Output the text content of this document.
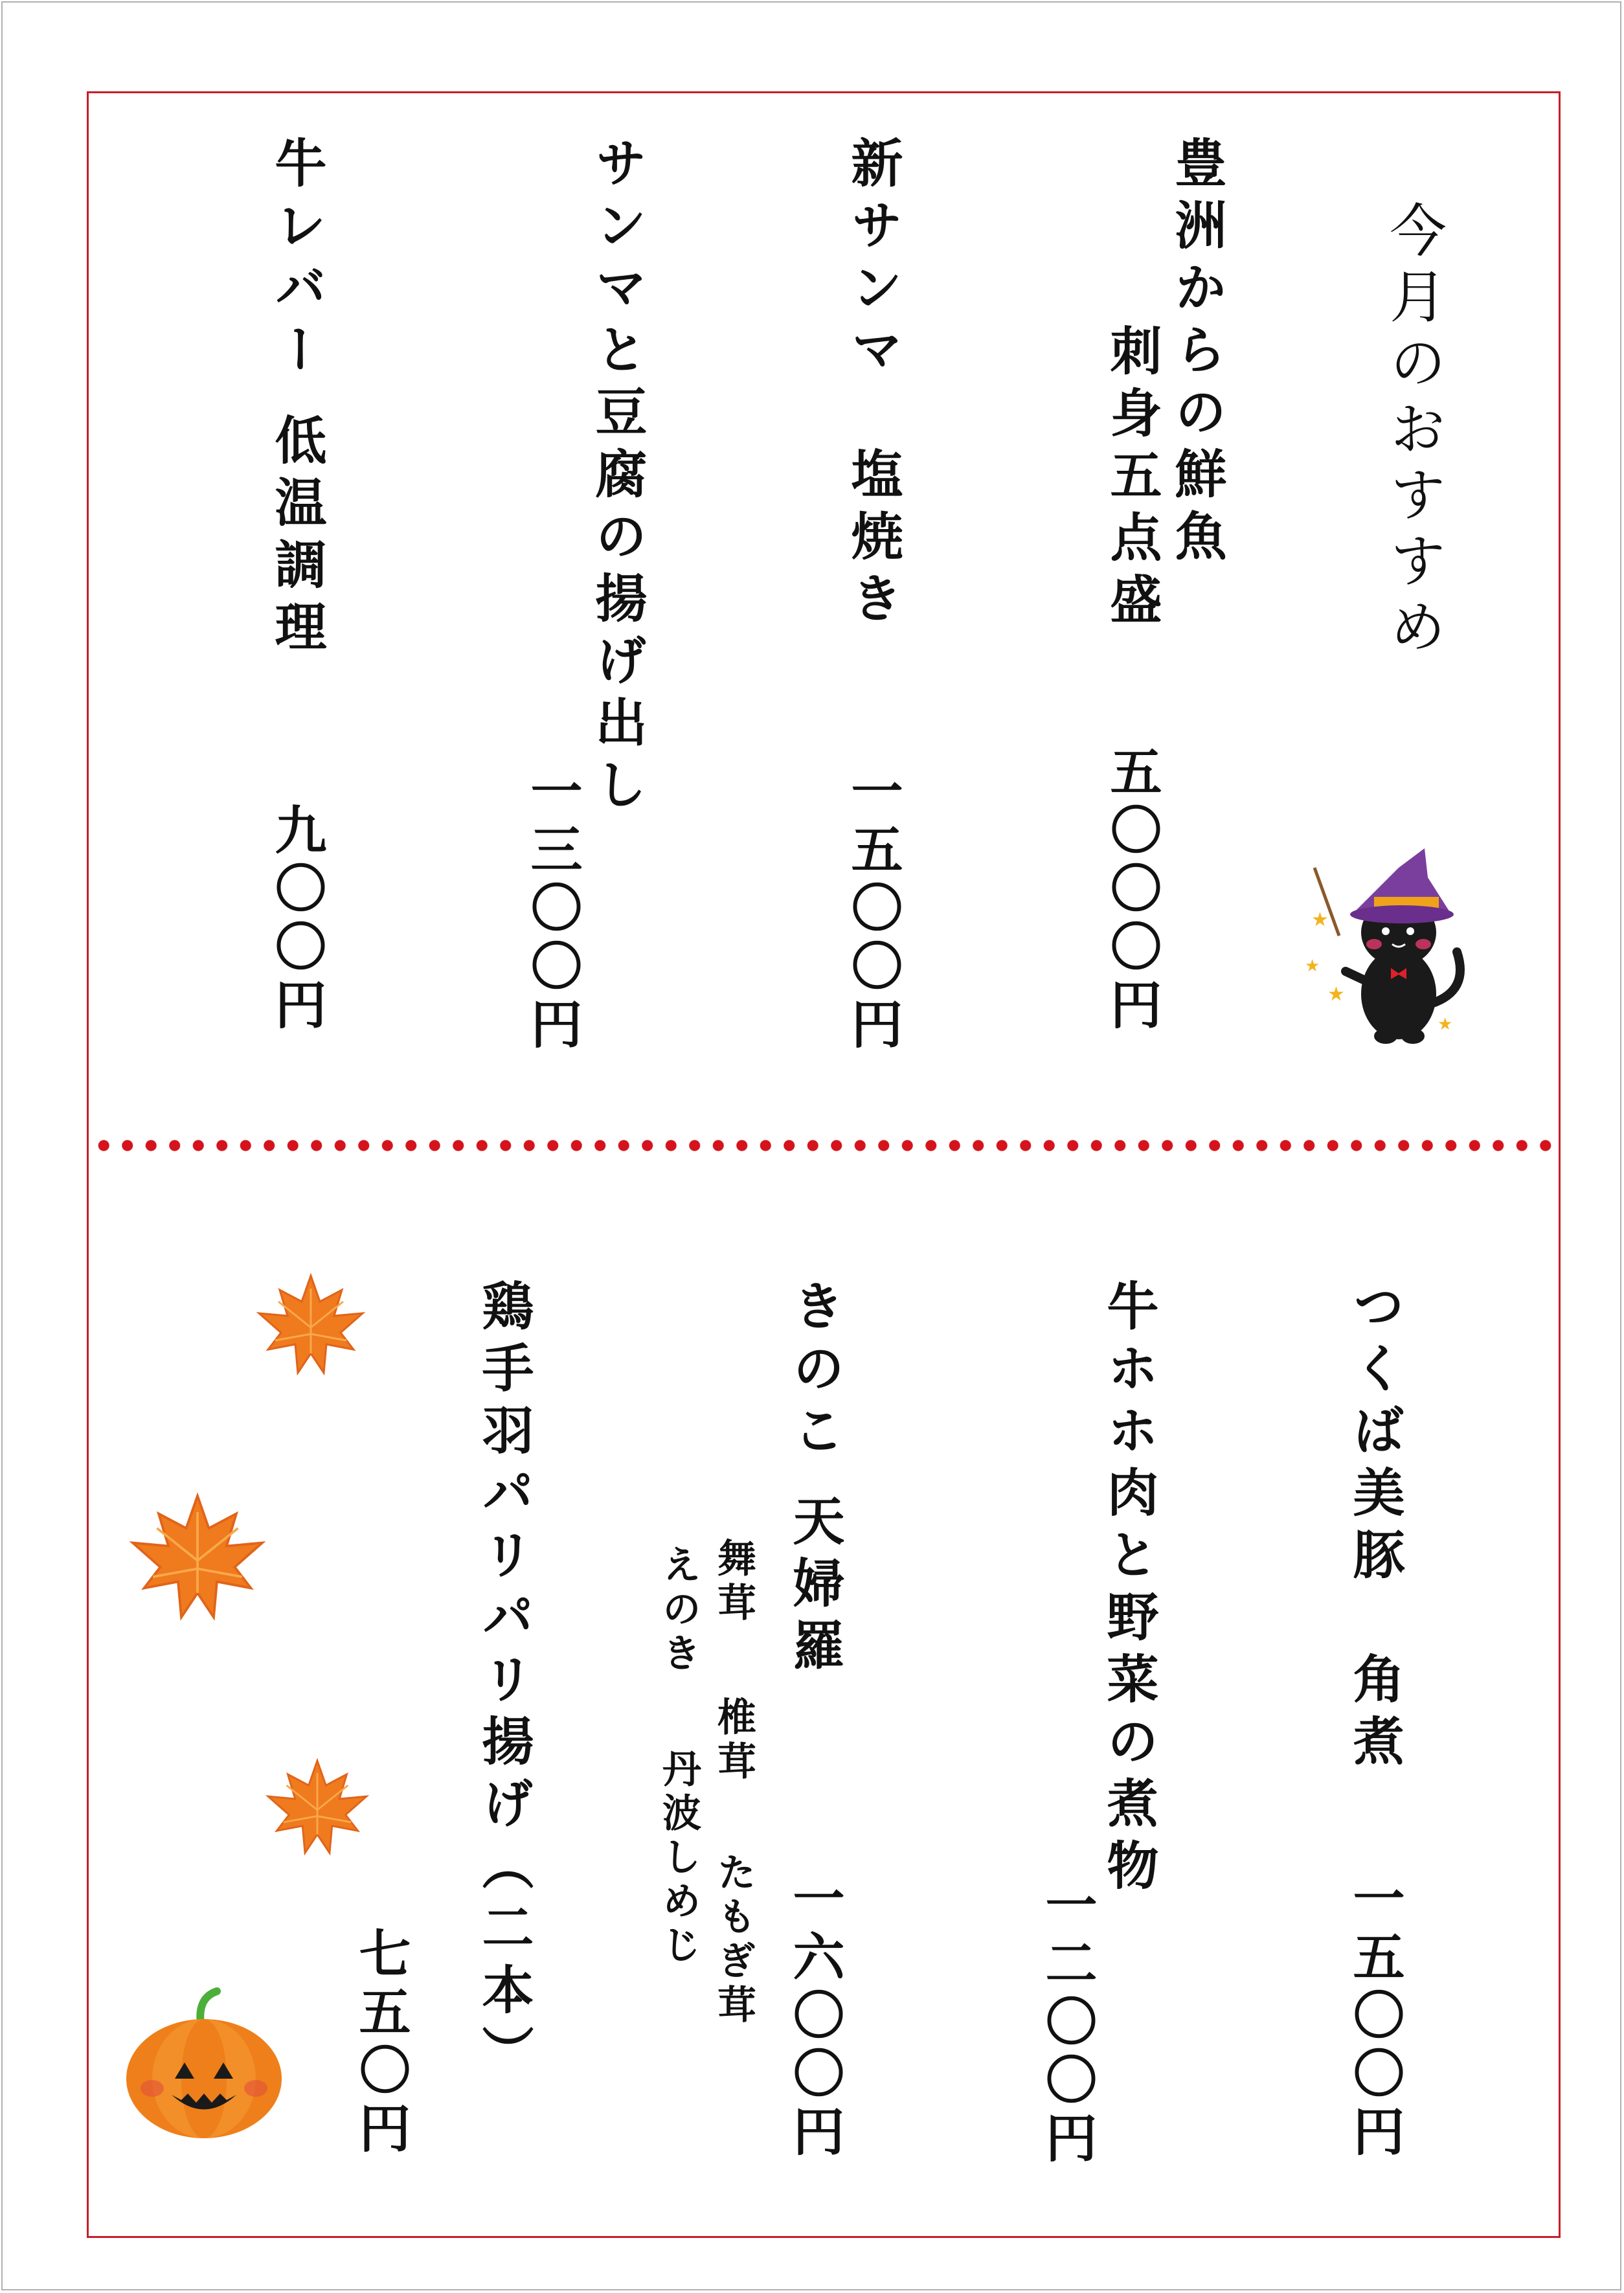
今月のおすすめ
豊洲からの鮮魚
刺身五点盛
五〇〇〇円
新サンマ　塩焼き
一五〇〇円
サンマと豆腐の揚げ出し
一三〇〇円
牛レバー 低温調理
九〇〇円
つくば美豚　角煮
一五〇〇円
牛ホホ肉と野菜の煮物
一二〇〇円
きのこ 天婦羅
一六〇〇円
舞茸
えのき
椎茸
丹波しめじ たもぎ茸
鶏手羽パリパリ揚げ（二本）
七五〇円
★
★
★
★
